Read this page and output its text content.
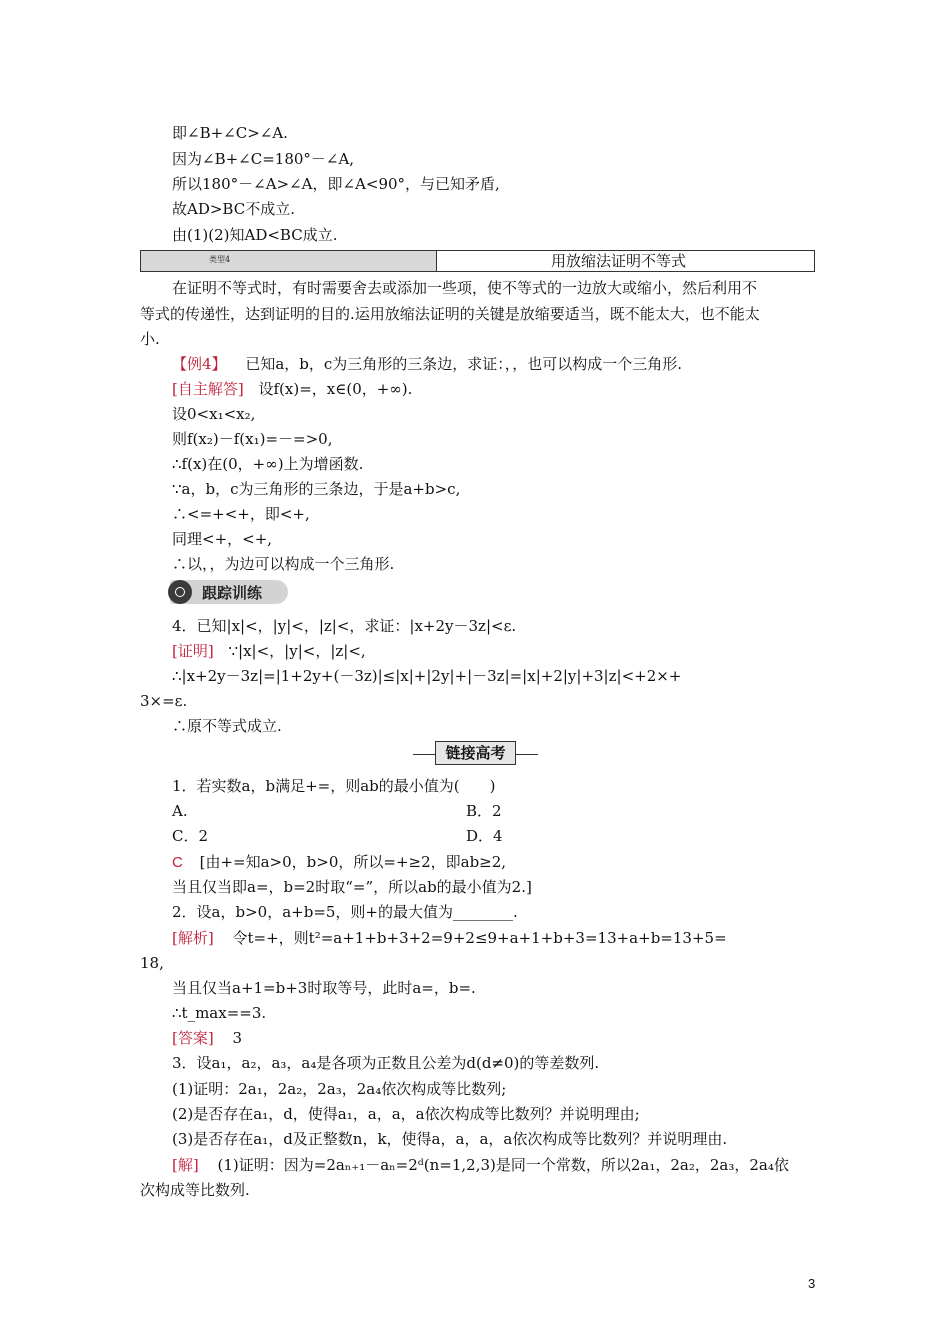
即∠B+∠C>∠A.
因为∠B+∠C=180°－∠A,
所以180°－∠A>∠A，即∠A<90°，与已知矛盾,
故AD>BC不成立.
由(1)(2)知AD<BC成立.
类型4	用放缩法证明不等式
在证明不等式时，有时需要舍去或添加一些项，使不等式的一边放大或缩小，然后利用不
等式的传递性，达到证明的目的.运用放缩法证明的关键是放缩要适当，既不能太大，也不能太
小.
【例4】 已知a，b，c为三角形的三条边，求证：，，也可以构成一个三角形.
[自主解答] 设f(x)=，x∈(0，+∞).
设0<x₁<x₂,
则f(x₂)－f(x₁)=－=>0,
∴f(x)在(0，+∞)上为增函数.
∵a，b，c为三角形的三条边，于是a+b>c,
∴<=+<+，即<+,
同理<+，<+,
∴以，，为边可以构成一个三角形.
跟踪训练
4．已知|x|<，|y|<，|z|<，求证：|x+2y－3z|<ε.
[证明] ∵|x|<，|y|<，|z|<,
∴|x+2y－3z|=|1+2y+(－3z)|≤|x|+|2y|+|－3z|=|x|+2|y|+3|z|<+2×+
3×=ε.
∴原不等式成立.
链接高考
1．若实数a，b满足+=，则ab的最小值为(　　)
A.	B．2
C．2	D．4
C [由+=知a>0，b>0，所以=+≥2，即ab≥2,
当且仅当即a=，b=2时取“=”，所以ab的最小值为2.]
2．设a，b>0，a+b=5，则+的最大值为________.
[解析] 令t=+，则t²=a+1+b+3+2=9+2≤9+a+1+b+3=13+a+b=13+5=
18,
当且仅当a+1=b+3时取等号，此时a=，b=.
∴t_max==3.
[答案] 3
3．设a₁，a₂，a₃，a₄是各项为正数且公差为d(d≠0)的等差数列.
(1)证明：2a₁，2a₂，2a₃，2a₄依次构成等比数列;
(2)是否存在a₁，d，使得a₁，a，a，a依次构成等比数列？并说明理由;
(3)是否存在a₁，d及正整数n，k，使得a，a，a，a依次构成等比数列？并说明理由.
[解] (1)证明：因为=2aₙ₊₁－aₙ=2ᵈ(n=1,2,3)是同一个常数，所以2a₁，2a₂，2a₃，2a₄依
次构成等比数列.
3
